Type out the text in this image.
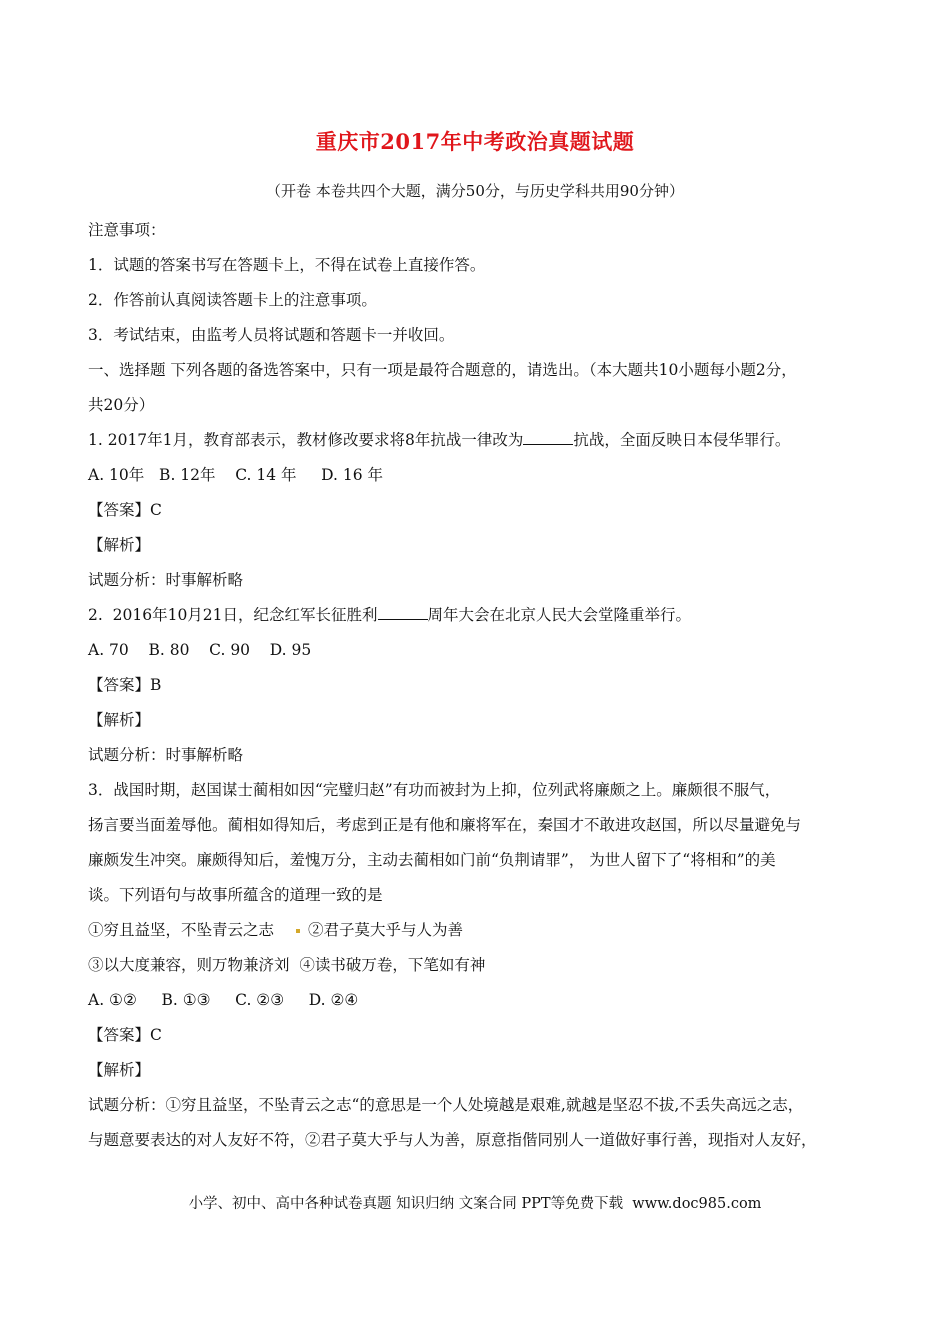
重庆市2017年中考政治真题试题
（开卷 本卷共四个大题，满分50分，与历史学科共用90分钟）
注意事项：
1．试题的答案书写在答题卡上，不得在试卷上直接作答。
2．作答前认真阅读答题卡上的注意事项。
3．考试结束，由监考人员将试题和答题卡一并收回。
一、选择题 下列各题的备选答案中，只有一项是最符合题意的，请选出。（本大题共10小题每小题2分，
共20分）
1. 2017年1月，教育部表示，教材修改要求将8年抗战一律改为	抗战，全面反映日本侵华罪行。
A. 10年   B. 12年    C. 14 年     D. 16 年
【答案】C
【解析】
试题分析：时事解析略
2.  2016年10月21日，纪念红军长征胜利	周年大会在北京人民大会堂隆重举行。
A. 70    B. 80    C. 90    D. 95
【答案】B
【解析】
试题分析：时事解析略
3．战国时期，赵国谋士蔺相如因“完璧归赵”有功而被封为上抑，位列武将廉颇之上。廉颇很不服气，
扬言要当面羞辱他。蔺相如得知后，考虑到正是有他和廉将军在，秦国才不敢进攻赵国，所以尽量避免与
廉颇发生冲突。廉颇得知后，羞愧万分，主动去蔺相如门前“负荆请罪”， 为世人留下了“将相和”的美
谈。下列语句与故事所蕴含的道理一致的是
①穷且益坚，不坠青云之志 ②君子莫大乎与人为善
③以大度兼容，则万物兼济刘  ④读书破万卷，下笔如有神
A. ①②     B. ①③     C. ②③     D. ②④
【答案】C
【解析】
试题分析：①穷且益坚，不坠青云之志“的意思是一个人处境越是艰难,就越是坚忍不拔,不丢失高远之志，
与题意要表达的对人友好不符，②君子莫大乎与人为善，原意指偕同别人一道做好事行善，现指对人友好，
小学、初中、高中各种试卷真题 知识归纳 文案合同 PPT等免费下载  www.doc985.com
